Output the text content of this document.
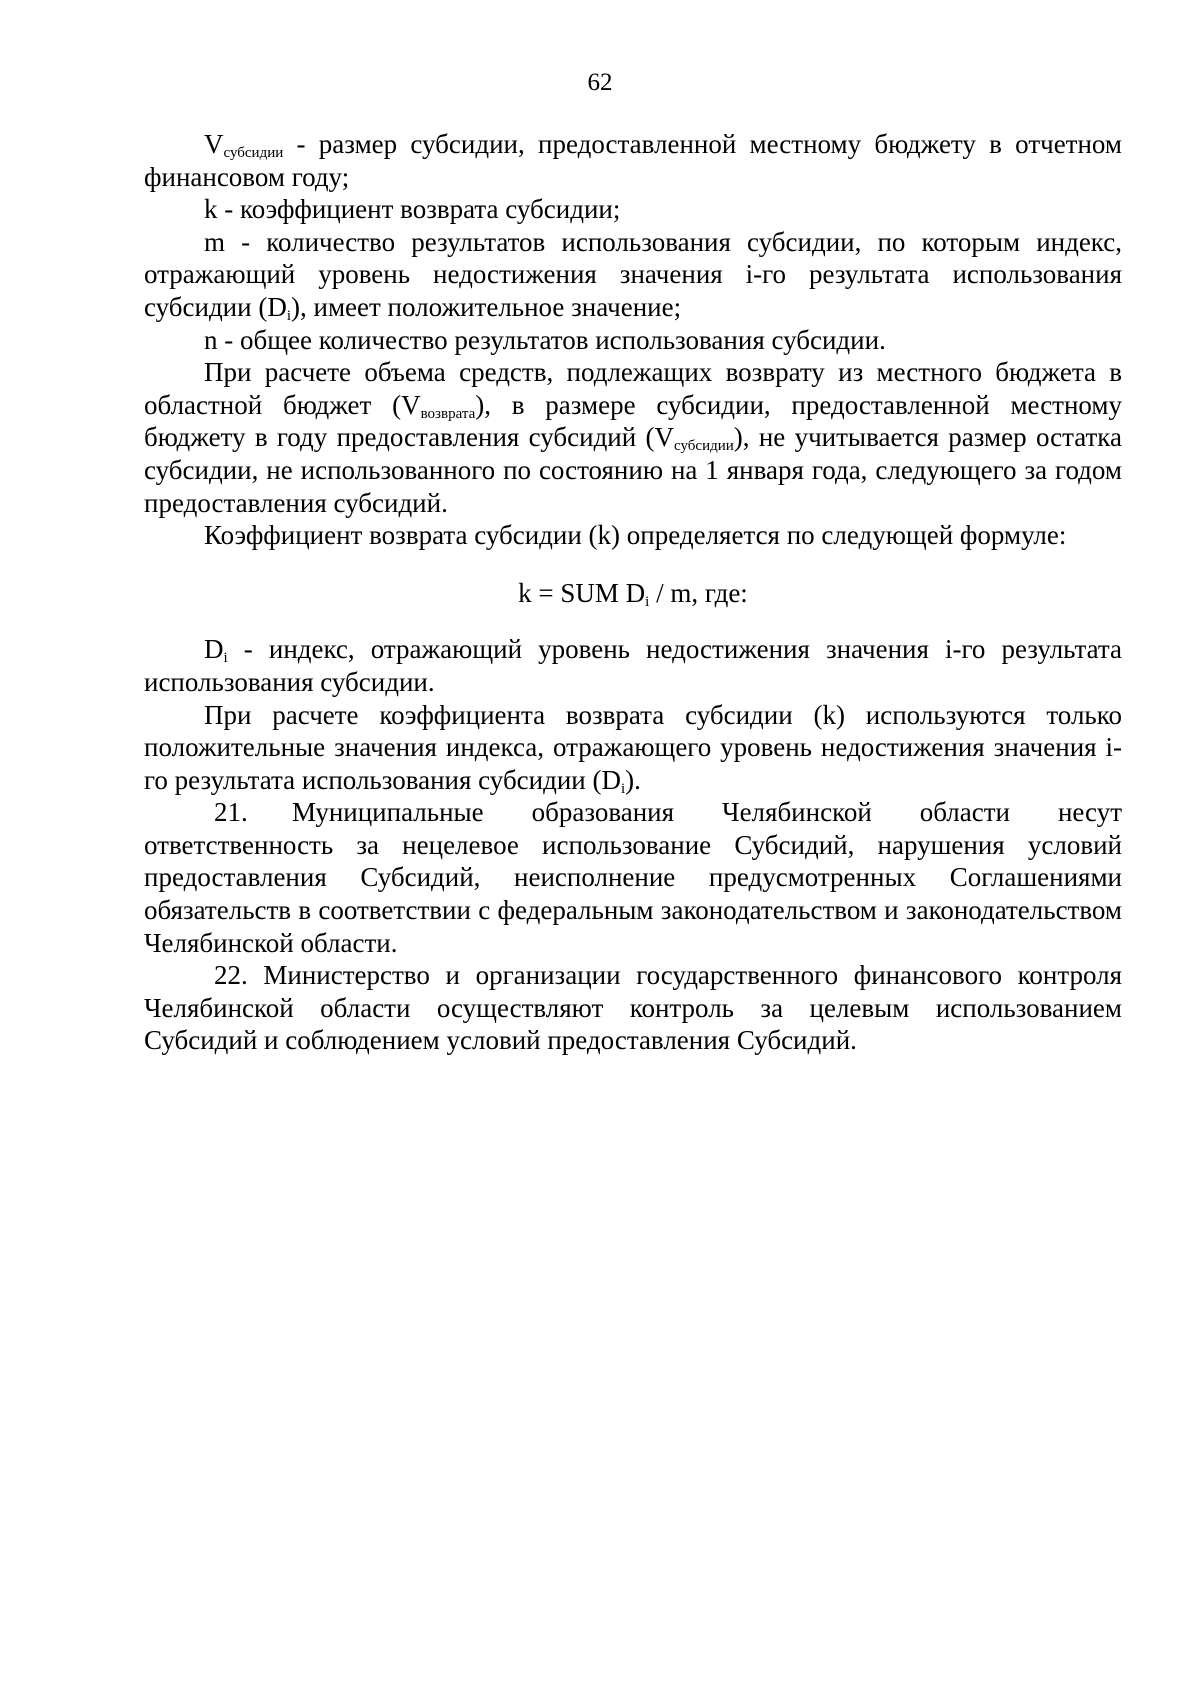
62

$V_{субсидии}$ - размер субсидии, предоставленной местному бюджету в отчетном финансовом году;

k - коэффициент возврата субсидии;

m - количество результатов использования субсидии, по которым индекс, отражающий уровень недостижения значения i-го результата использования субсидии $(D_i)$, имеет положительное значение;

n - общее количество результатов использования субсидии.

При расчете объема средств, подлежащих возврату из местного бюджета в областной бюджет $(V_{возврата})$, в размере субсидии, предоставленной местному бюджету в году предоставления субсидий $(V_{субсидии})$, не учитывается размер остатка субсидии, не использованного по состоянию на 1 января года, следующего за годом предоставления субсидий.

Коэффициент возврата субсидии (k) определяется по следующей формуле:

k = SUM $D_i$ / m, где:

$D_i$ - индекс, отражающий уровень недостижения значения i-го результата использования субсидии.

При расчете коэффициента возврата субсидии (k) используются только положительные значения индекса, отражающего уровень недостижения значения i-го результата использования субсидии $(D_i)$.

21. Муниципальные образования Челябинской области несут ответственность за нецелевое использование Субсидий, нарушения условий предоставления Субсидий, неисполнение предусмотренных Соглашениями обязательств в соответствии с федеральным законодательством и законодательством Челябинской области.

22. Министерство и организации государственного финансового контроля Челябинской области осуществляют контроль за целевым использованием Субсидий и соблюдением условий предоставления Субсидий.
